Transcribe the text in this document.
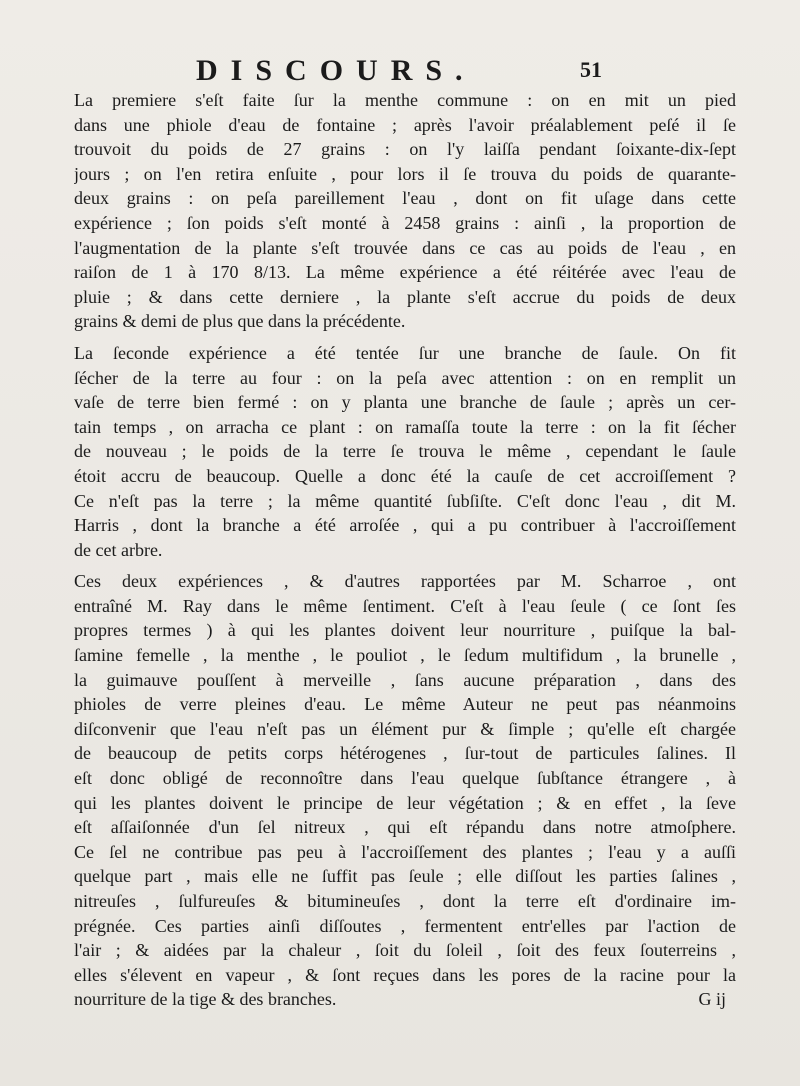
DISCOURS.	51
La premiere s'eſt faite ſur la menthe commune : on en mit un pied
dans une phiole d'eau de fontaine ; après l'avoir préalablement peſé il ſe
trouvoit du poids de 27 grains : on l'y laiſſa pendant ſoixante-dix-ſept
jours ; on l'en retira enſuite , pour lors il ſe trouva du poids de quarante-
deux grains : on peſa pareillement l'eau , dont on fit uſage dans cette
expérience ; ſon poids s'eſt monté à 2458 grains : ainſi , la proportion de
l'augmentation de la plante s'eſt trouvée dans ce cas au poids de l'eau , en
raiſon de 1 à 170 8/13. La même expérience a été réitérée avec l'eau de
pluie ; & dans cette derniere , la plante s'eſt accrue du poids de deux
grains & demi de plus que dans la précédente.
La ſeconde expérience a été tentée ſur une branche de ſaule. On fit
ſécher de la terre au four : on la peſa avec attention : on en remplit un
vaſe de terre bien fermé : on y planta une branche de ſaule ; après un cer-
tain temps , on arracha ce plant : on ramaſſa toute la terre : on la fit ſécher
de nouveau ; le poids de la terre ſe trouva le même , cependant le ſaule
étoit accru de beaucoup. Quelle a donc été la cauſe de cet accroiſſement ?
Ce n'eſt pas la terre ; la même quantité ſubſiſte. C'eſt donc l'eau , dit M.
Harris , dont la branche a été arroſée , qui a pu contribuer à l'accroiſſement
de cet arbre.
Ces deux expériences , & d'autres rapportées par M. Scharroe , ont
entraîné M. Ray dans le même ſentiment. C'eſt à l'eau ſeule ( ce ſont ſes
propres termes ) à qui les plantes doivent leur nourriture , puiſque la bal-
ſamine femelle , la menthe , le pouliot , le ſedum multifidum , la brunelle ,
la guimauve pouſſent à merveille , ſans aucune préparation , dans des
phioles de verre pleines d'eau. Le même Auteur ne peut pas néanmoins
diſconvenir que l'eau n'eſt pas un élément pur & ſimple ; qu'elle eſt chargée
de beaucoup de petits corps hétérogenes , ſur-tout de particules ſalines. Il
eſt donc obligé de reconnoître dans l'eau quelque ſubſtance étrangere , à
qui les plantes doivent le principe de leur végétation ; & en effet , la ſeve
eſt aſſaiſonnée d'un ſel nitreux , qui eſt répandu dans notre atmoſphere.
Ce ſel ne contribue pas peu à l'accroiſſement des plantes ; l'eau y a auſſi
quelque part , mais elle ne ſuffit pas ſeule ; elle diſſout les parties ſalines ,
nitreuſes , ſulfureuſes & bitumineuſes , dont la terre eſt d'ordinaire im-
prégnée. Ces parties ainſi diſſoutes , fermentent entr'elles par l'action de
l'air ; & aidées par la chaleur , ſoit du ſoleil , ſoit des feux ſouterreins ,
elles s'élevent en vapeur , & ſont reçues dans les pores de la racine pour la
nourriture de la tige & des branches.	G ij
